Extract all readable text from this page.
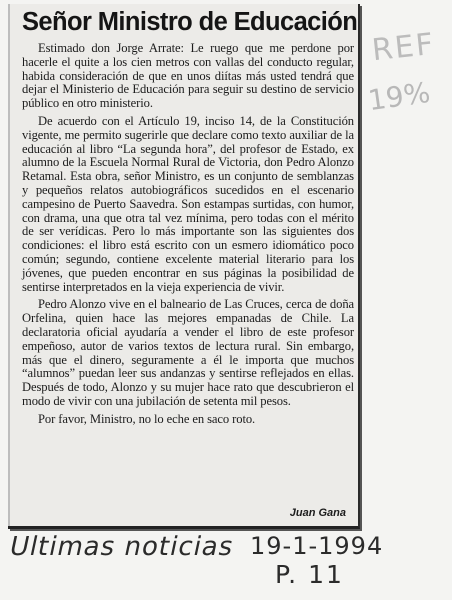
Señor Ministro de Educación

Estimado don Jorge Arrate: Le ruego que me perdone por hacerle el quite a los cien metros con vallas del conducto regular, habida consideración de que en unos diítas más usted tendrá que dejar el Ministerio de Educación para seguir su destino de servicio público en otro ministerio.

De acuerdo con el Artículo 19, inciso 14, de la Constitución vigente, me permito sugerirle que declare como texto auxiliar de la educación al libro “La segunda hora”, del profesor de Estado, ex alumno de la Escuela Normal Rural de Victoria, don Pedro Alonzo Retamal. Esta obra, señor Ministro, es un conjunto de semblanzas y pequeños relatos autobiográficos sucedidos en el escenario campesino de Puerto Saavedra. Son estampas surtidas, con humor, con drama, una que otra tal vez mínima, pero todas con el mérito de ser verídicas. Pero lo más importante son las siguientes dos condiciones: el libro está escrito con un esmero idiomático poco común; segundo, contiene excelente material literario para los jóvenes, que pueden encontrar en sus páginas la posibilidad de sentirse interpretados en la vieja experiencia de vivir.

Pedro Alonzo vive en el balneario de Las Cruces, cerca de doña Orfelina, quien hace las mejores empanadas de Chile. La declaratoria oficial ayudaría a vender el libro de este profesor empeñoso, autor de varios textos de lectura rural. Sin embargo, más que el dinero, seguramente a él le importa que muchos “alumnos” puedan leer sus andanzas y sentirse reflejados en ellas. Después de todo, Alonzo y su mujer hace rato que descubrieron el modo de vivir con una jubilación de setenta mil pesos.

Por favor, Ministro, no lo eche en saco roto.

Juan Gana
REF
19%
Ultimas noticias 19-1-1994
P. 11
